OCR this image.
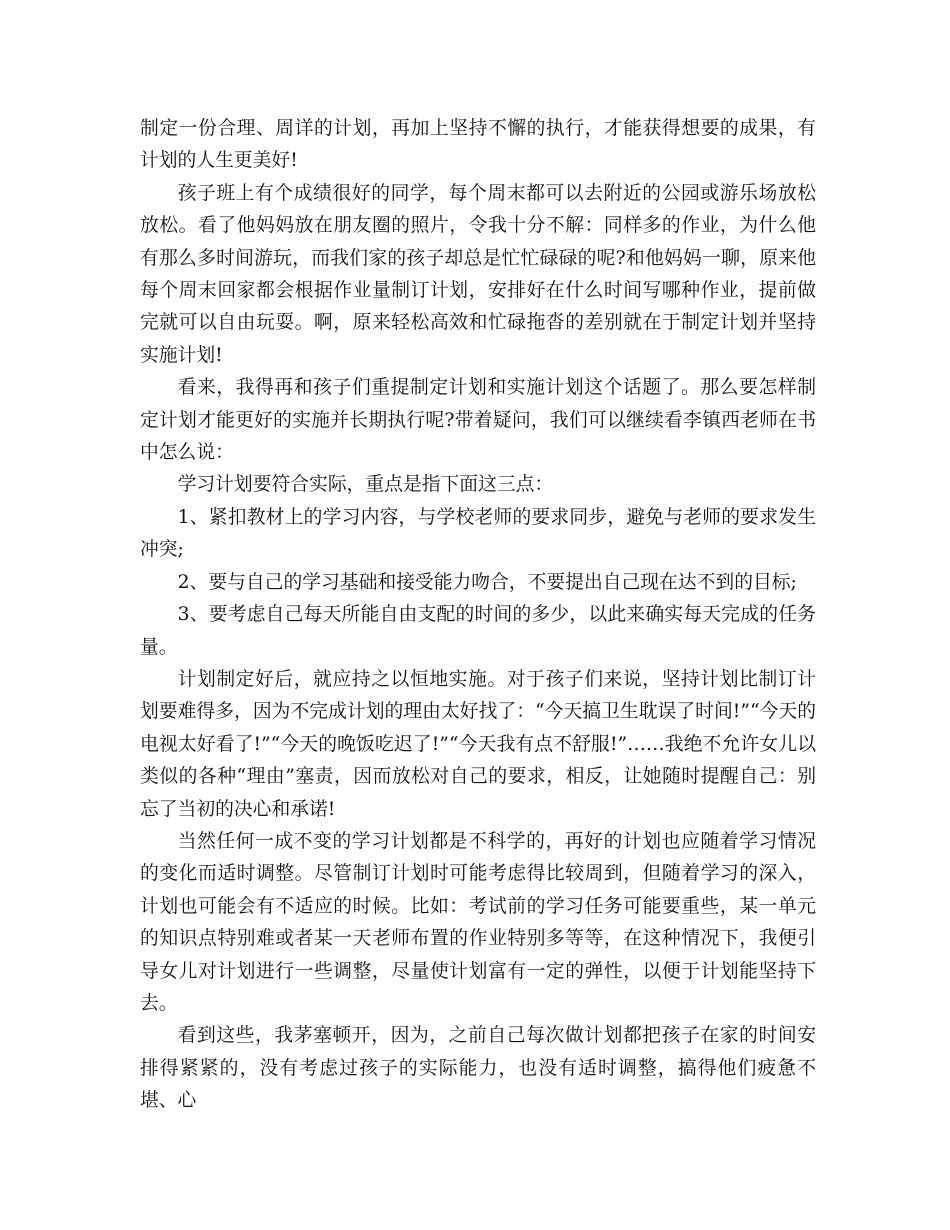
制定一份合理、周详的计划，再加上坚持不懈的执行，才能获得想要的成果，有计划的人生更美好!

孩子班上有个成绩很好的同学，每个周末都可以去附近的公园或游乐场放松放松。看了他妈妈放在朋友圈的照片，令我十分不解：同样多的作业，为什么他有那么多时间游玩，而我们家的孩子却总是忙忙碌碌的呢?和他妈妈一聊，原来他每个周末回家都会根据作业量制订计划，安排好在什么时间写哪种作业，提前做完就可以自由玩耍。啊，原来轻松高效和忙碌拖沓的差别就在于制定计划并坚持实施计划!

看来，我得再和孩子们重提制定计划和实施计划这个话题了。那么要怎样制定计划才能更好的实施并长期执行呢?带着疑问，我们可以继续看李镇西老师在书中怎么说：

学习计划要符合实际，重点是指下面这三点：

1、紧扣教材上的学习内容，与学校老师的要求同步，避免与老师的要求发生冲突;

2、要与自己的学习基础和接受能力吻合，不要提出自己现在达不到的目标;

3、要考虑自己每天所能自由支配的时间的多少，以此来确实每天完成的任务量。

计划制定好后，就应持之以恒地实施。对于孩子们来说，坚持计划比制订计划要难得多，因为不完成计划的理由太好找了：“今天搞卫生耽误了时间!”“今天的电视太好看了!”“今天的晚饭吃迟了!”“今天我有点不舒服!”……我绝不允许女儿以类似的各种“理由”塞责，因而放松对自己的要求，相反，让她随时提醒自己：别忘了当初的决心和承诺!

当然任何一成不变的学习计划都是不科学的，再好的计划也应随着学习情况的变化而适时调整。尽管制订计划时可能考虑得比较周到，但随着学习的深入，计划也可能会有不适应的时候。比如：考试前的学习任务可能要重些，某一单元的知识点特别难或者某一天老师布置的作业特别多等等，在这种情况下，我便引导女儿对计划进行一些调整，尽量使计划富有一定的弹性，以便于计划能坚持下去。

看到这些，我茅塞顿开，因为，之前自己每次做计划都把孩子在家的时间安排得紧紧的，没有考虑过孩子的实际能力，也没有适时调整，搞得他们疲惫不堪、心
